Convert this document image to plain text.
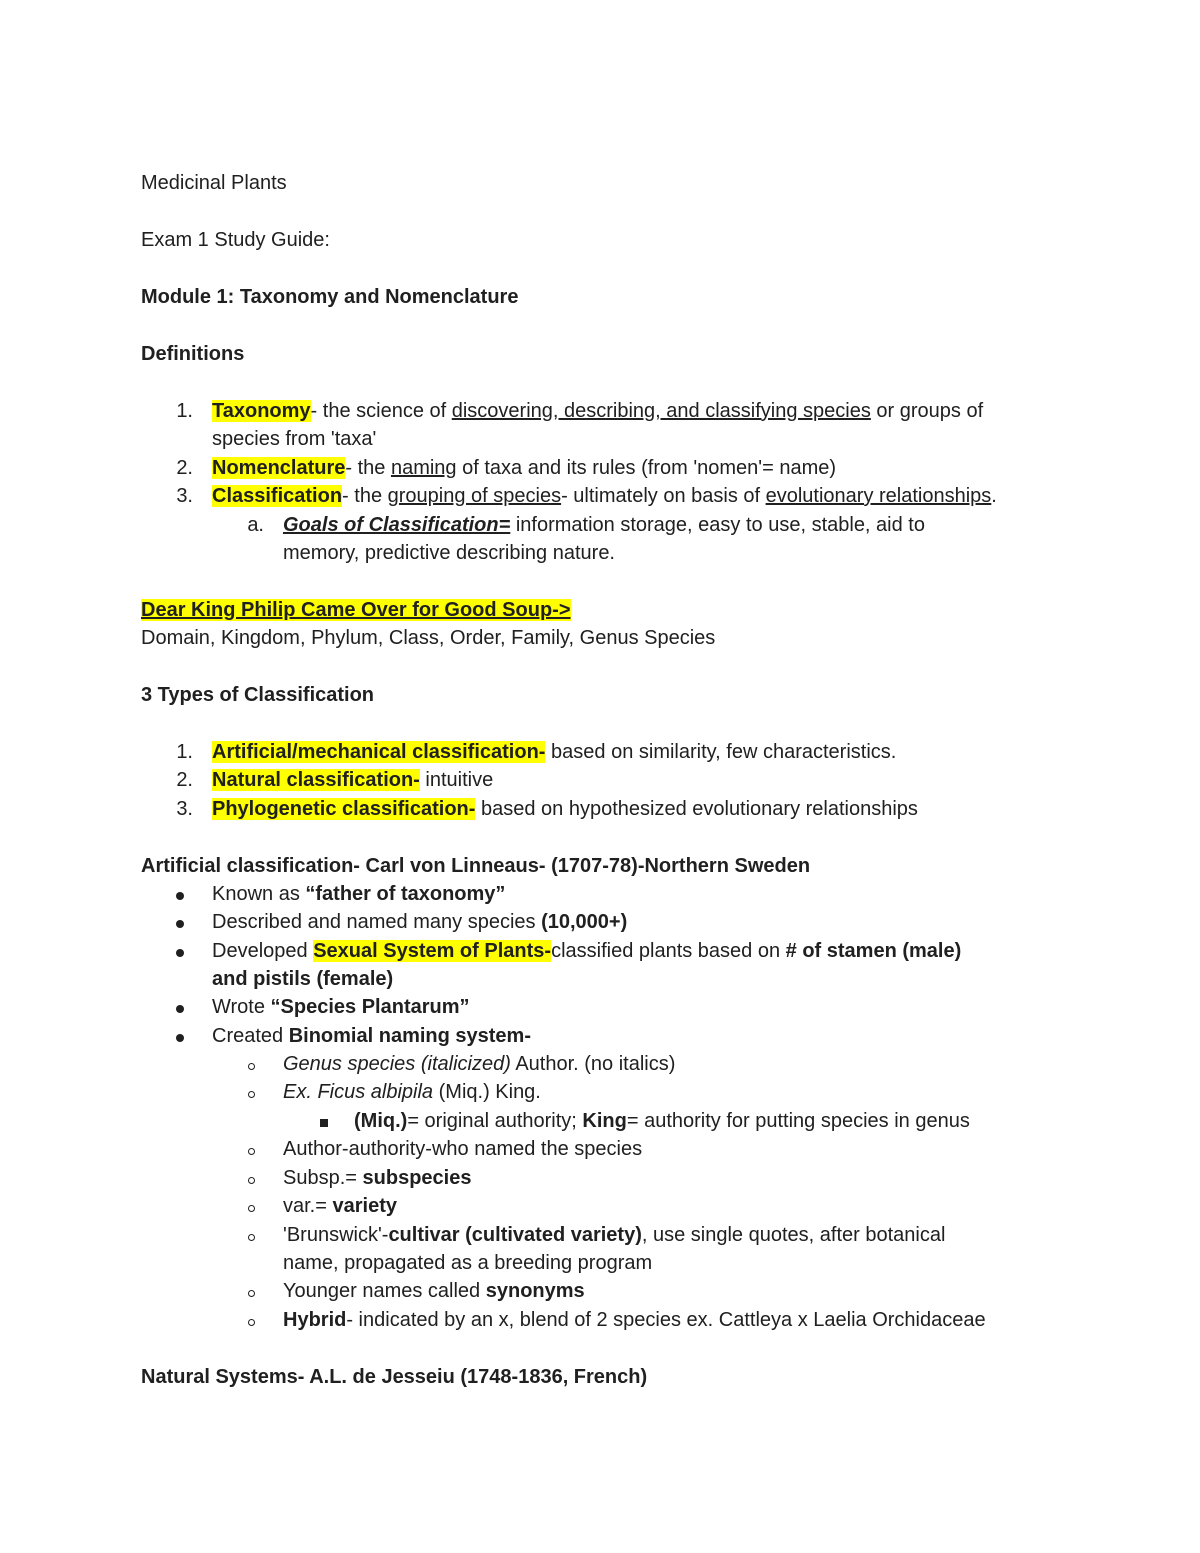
Medicinal Plants
Exam 1 Study Guide:
Module 1: Taxonomy and Nomenclature
Definitions
1. Taxonomy- the science of discovering, describing, and classifying species or groups of
species from 'taxa'
2. Nomenclature- the naming of taxa and its rules (from 'nomen'= name)
3. Classification- the grouping of species- ultimately on basis of evolutionary relationships.
a. Goals of Classification= information storage, easy to use, stable, aid to
memory, predictive describing nature.
Dear King Philip Came Over for Good Soup->
Domain, Kingdom, Phylum, Class, Order, Family, Genus Species
3 Types of Classification
1. Artificial/mechanical classification- based on similarity, few characteristics.
2. Natural classification- intuitive
3. Phylogenetic classification- based on hypothesized evolutionary relationships
Artificial classification- Carl von Linneaus- (1707-78)-Northern Sweden
Known as “father of taxonomy”
Described and named many species (10,000+)
Developed Sexual System of Plants-classified plants based on # of stamen (male)
and pistils (female)
Wrote “Species Plantarum”
Created Binomial naming system-
Genus species (italicized) Author. (no italics)
Ex. Ficus albipila (Miq.) King.
(Miq.)= original authority; King= authority for putting species in genus
Author-authority-who named the species
Subsp.= subspecies
var.= variety
'Brunswick'-cultivar (cultivated variety), use single quotes, after botanical
name, propagated as a breeding program
Younger names called synonyms
Hybrid- indicated by an x, blend of 2 species ex. Cattleya x Laelia Orchidaceae
Natural Systems- A.L. de Jesseiu (1748-1836, French)
